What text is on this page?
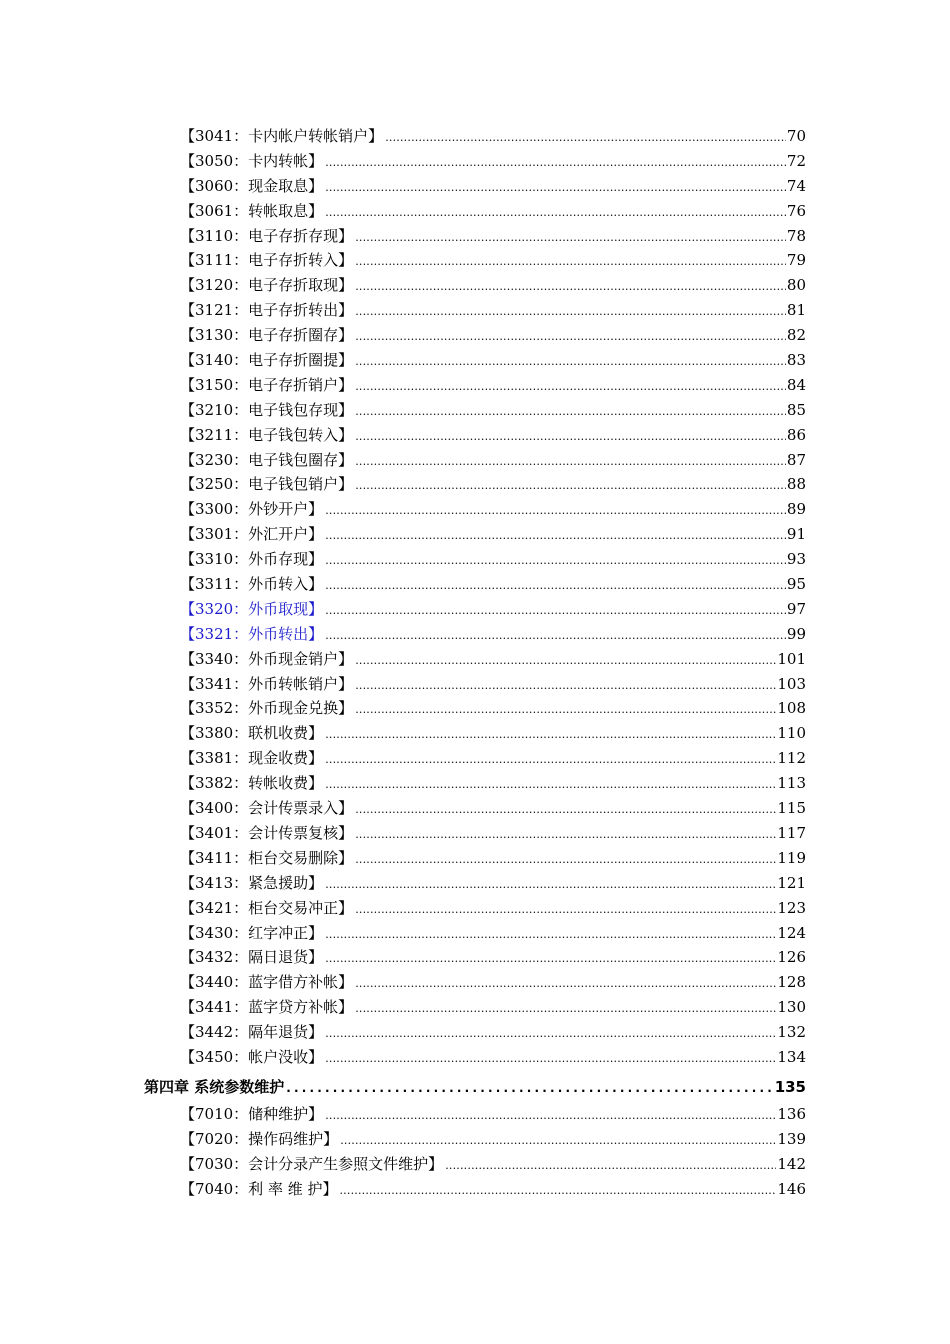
【3041：卡内帐户转帐销户】 .....	70
【3050：卡内转帐】 .....	72
【3060：现金取息】 .....	74
【3061：转帐取息】 .....	76
【3110：电子存折存现】 .....	78
【3111：电子存折转入】 .....	79
【3120：电子存折取现】 .....	80
【3121：电子存折转出】 .....	81
【3130：电子存折圈存】 .....	82
【3140：电子存折圈提】 .....	83
【3150：电子存折销户】 .....	84
【3210：电子钱包存现】 .....	85
【3211：电子钱包转入】 .....	86
【3230：电子钱包圈存】 .....	87
【3250：电子钱包销户】 .....	88
【3300：外钞开户】 .....	89
【3301：外汇开户】 .....	91
【3310：外币存现】 .....	93
【3311：外币转入】 .....	95
【3320：外币取现】 .....	97
【3321：外币转出】 .....	99
【3340：外币现金销户】 .....	101
【3341：外币转帐销户】 .....	103
【3352：外币现金兑换】 .....	108
【3380：联机收费】 .....	110
【3381：现金收费】 .....	112
【3382：转帐收费】 .....	113
【3400：会计传票录入】 .....	115
【3401：会计传票复核】 .....	117
【3411：柜台交易删除】 .....	119
【3413：紧急援助】 .....	121
【3421：柜台交易冲正】 .....	123
【3430：红字冲正】 .....	124
【3432：隔日退货】 .....	126
【3440：蓝字借方补帐】 .....	128
【3441：蓝字贷方补帐】 .....	130
【3442：隔年退货】 .....	132
【3450：帐户没收】 .....	134
第四章 系统参数维护 .....	135
【7010：储种维护】 .....	136
【7020：操作码维护】 .....	139
【7030：会计分录产生参照文件维护】 .....	142
【7040：利 率 维 护】 .....	146
